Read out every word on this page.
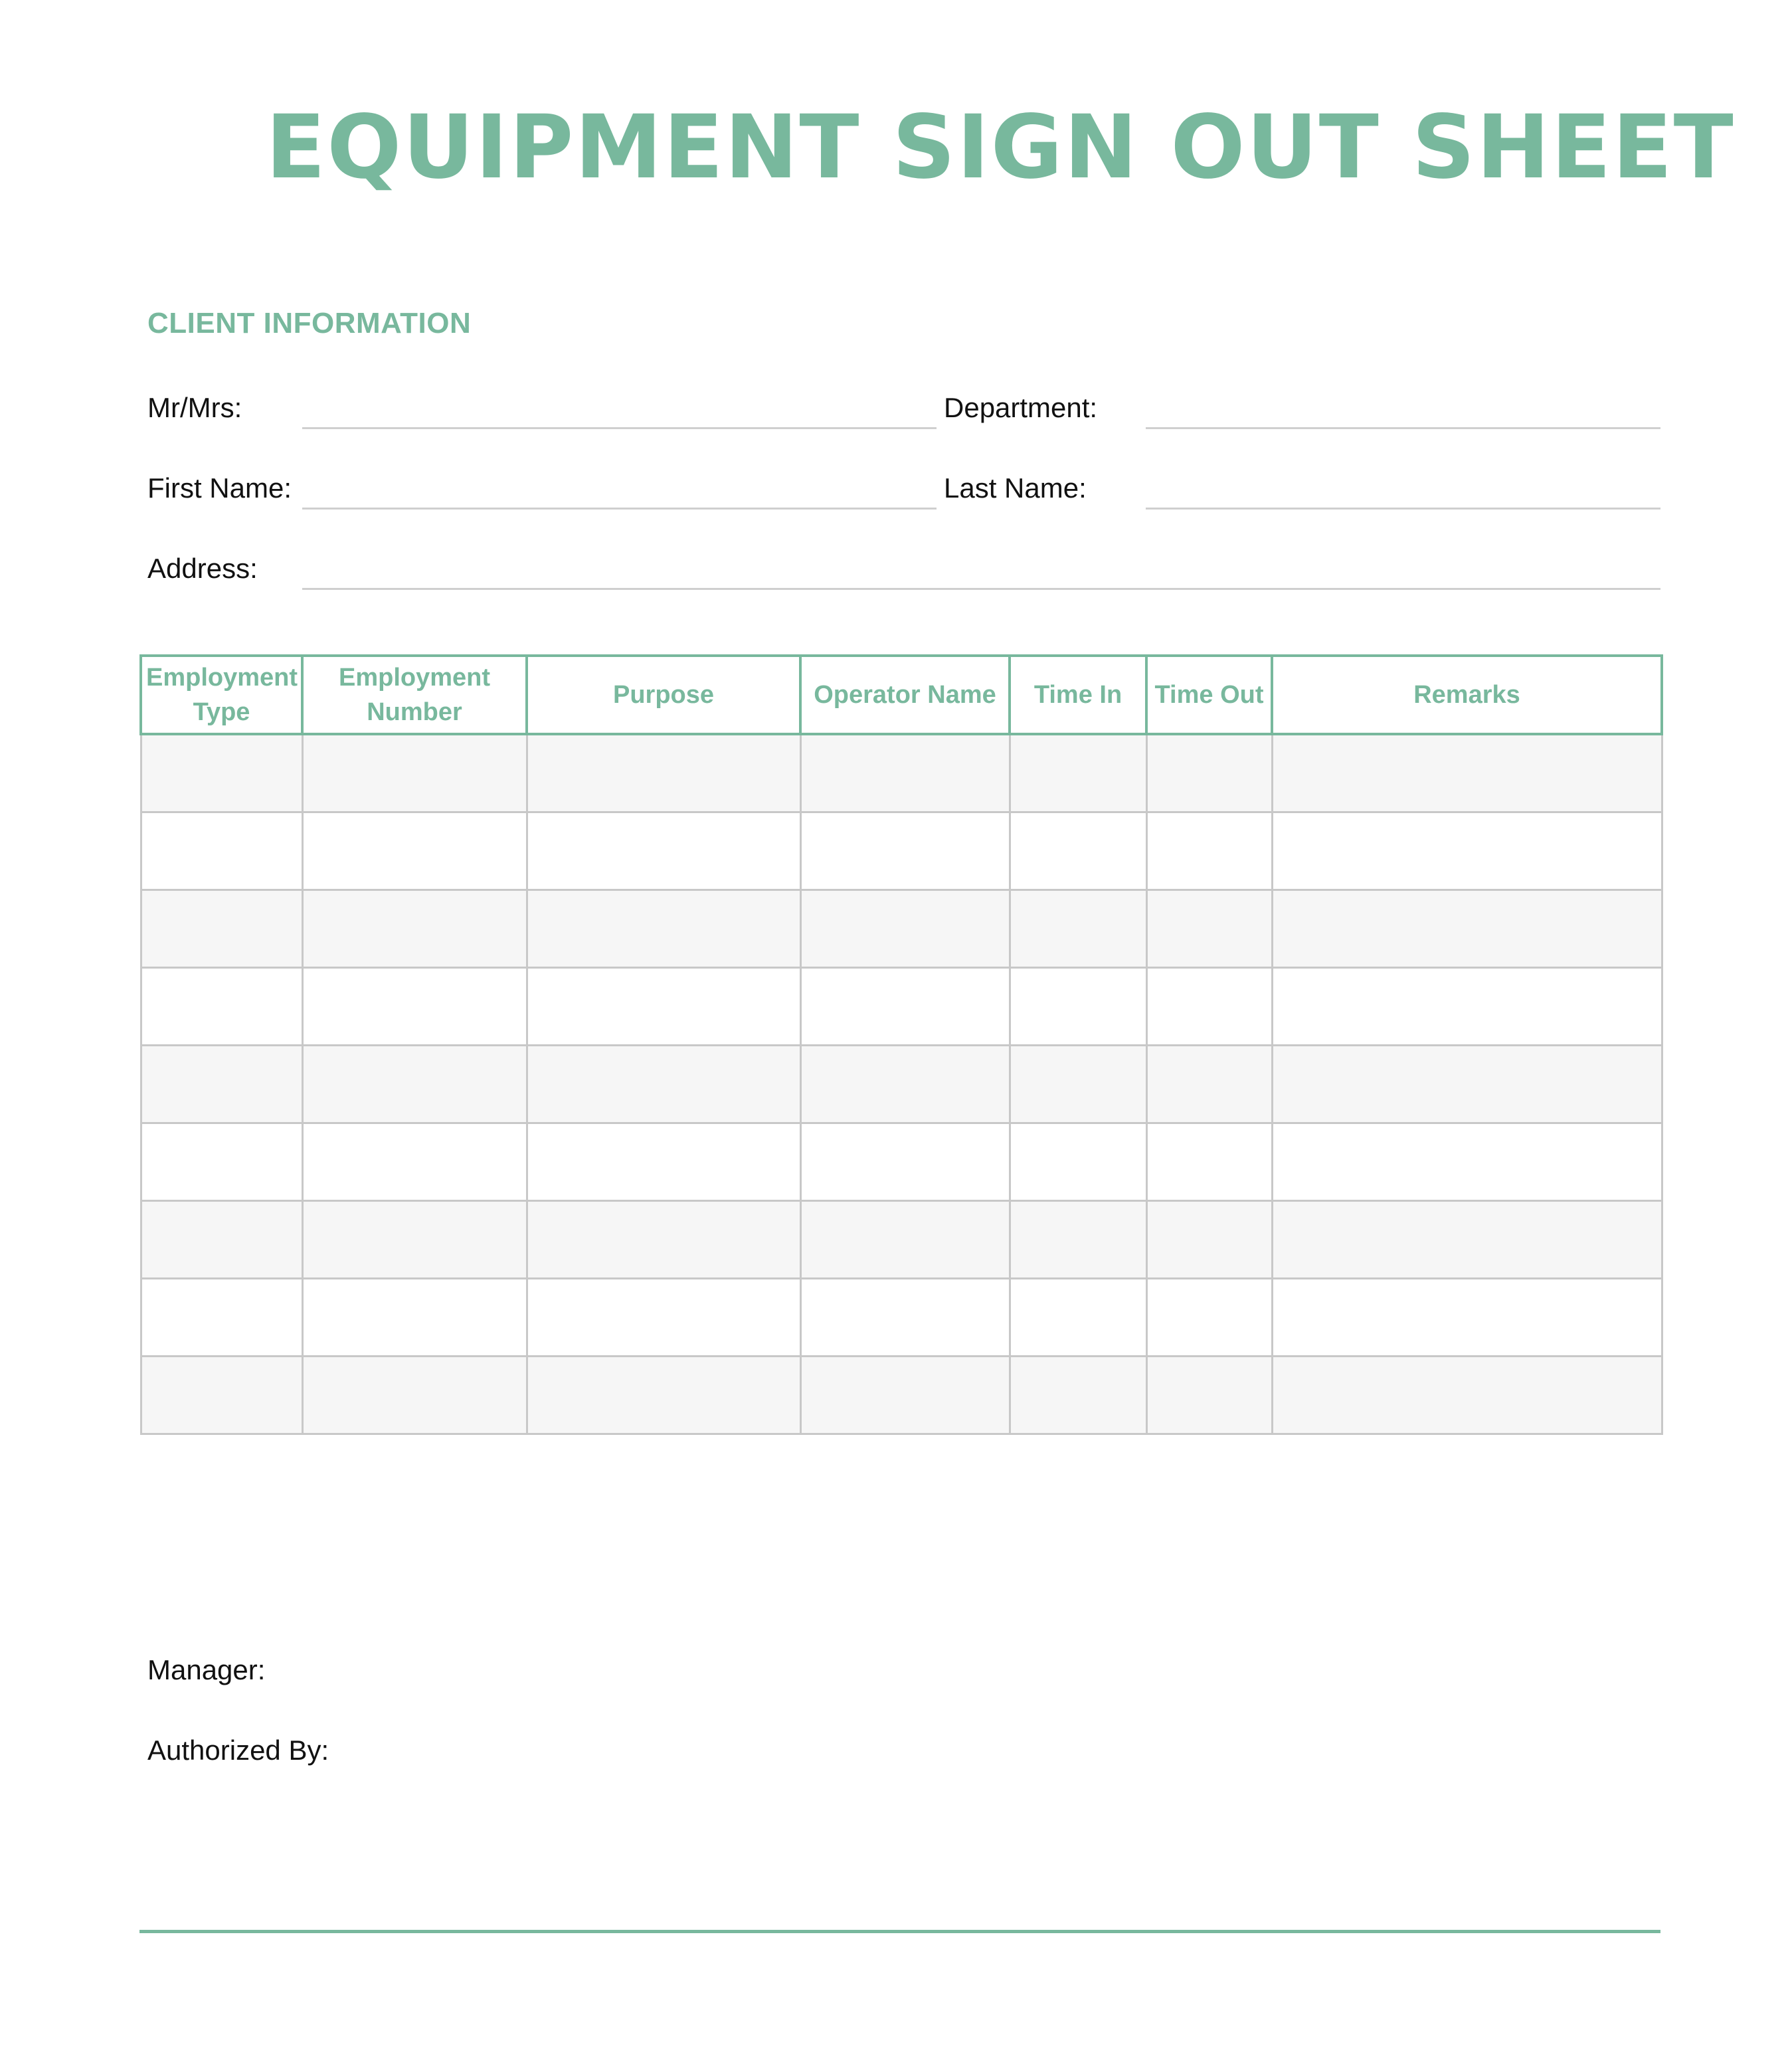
EQUIPMENT SIGN OUT SHEET
CLIENT INFORMATION
Mr/Mrs:	Department:
First Name:	Last Name:
Address:
Employment Type	Employment Number	Purpose	Operator Name	Time In	Time Out	Remarks

Manager:
Authorized By:
